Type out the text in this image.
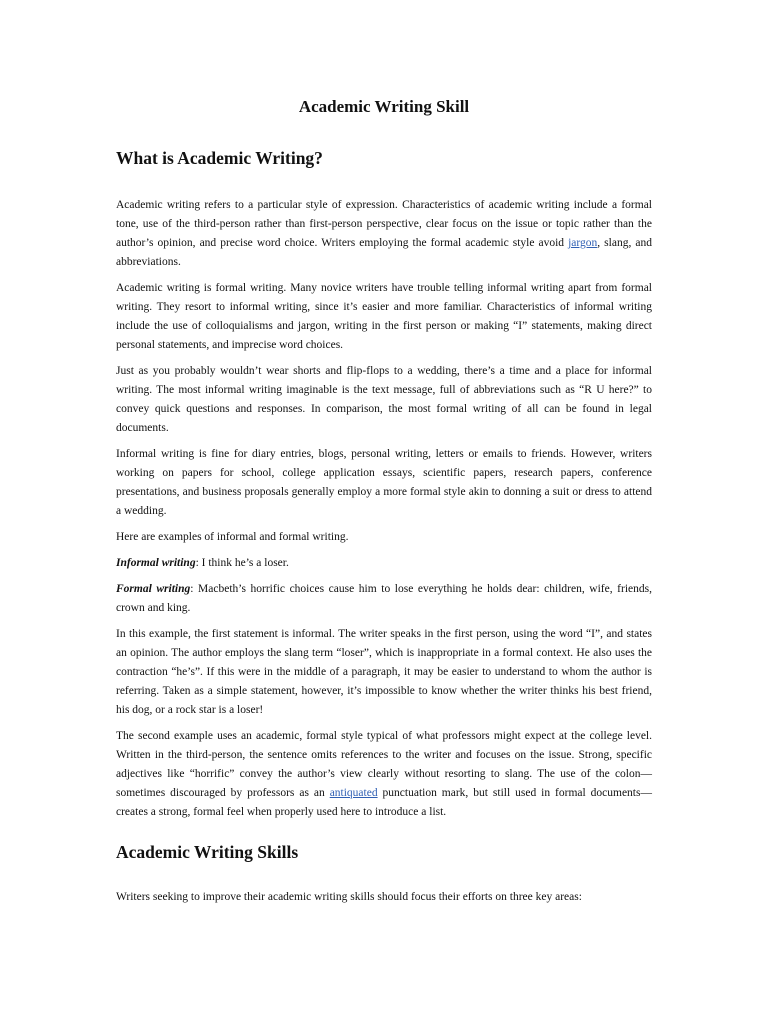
Academic Writing Skill
What is Academic Writing?

Academic writing refers to a particular style of expression. Characteristics of academic writing include a formal tone, use of the third-person rather than first-person perspective, clear focus on the issue or topic rather than the author’s opinion, and precise word choice. Writers employing the formal academic style avoid jargon, slang, and abbreviations.

Academic writing is formal writing. Many novice writers have trouble telling informal writing apart from formal writing. They resort to informal writing, since it’s easier and more familiar. Characteristics of informal writing include the use of colloquialisms and jargon, writing in the first person or making “I” statements, making direct personal statements, and imprecise word choices.

Just as you probably wouldn’t wear shorts and flip-flops to a wedding, there’s a time and a place for informal writing. The most informal writing imaginable is the text message, full of abbreviations such as “R U here?” to convey quick questions and responses. In comparison, the most formal writing of all can be found in legal documents.

Informal writing is fine for diary entries, blogs, personal writing, letters or emails to friends. However, writers working on papers for school, college application essays, scientific papers, research papers, conference presentations, and business proposals generally employ a more formal style akin to donning a suit or dress to attend a wedding.

Here are examples of informal and formal writing.

Informal writing: I think he’s a loser.

Formal writing: Macbeth’s horrific choices cause him to lose everything he holds dear: children, wife, friends, crown and king.

In this example, the first statement is informal. The writer speaks in the first person, using the word “I”, and states an opinion. The author employs the slang term “loser”, which is inappropriate in a formal context. He also uses the contraction “he’s”. If this were in the middle of a paragraph, it may be easier to understand to whom the author is referring. Taken as a simple statement, however, it’s impossible to know whether the writer thinks his best friend, his dog, or a rock star is a loser!

The second example uses an academic, formal style typical of what professors might expect at the college level. Written in the third-person, the sentence omits references to the writer and focuses on the issue. Strong, specific adjectives like “horrific” convey the author’s view clearly without resorting to slang. The use of the colon—sometimes discouraged by professors as an antiquated punctuation mark, but still used in formal documents—creates a strong, formal feel when properly used here to introduce a list.

Academic Writing Skills

Writers seeking to improve their academic writing skills should focus their efforts on three key areas:
